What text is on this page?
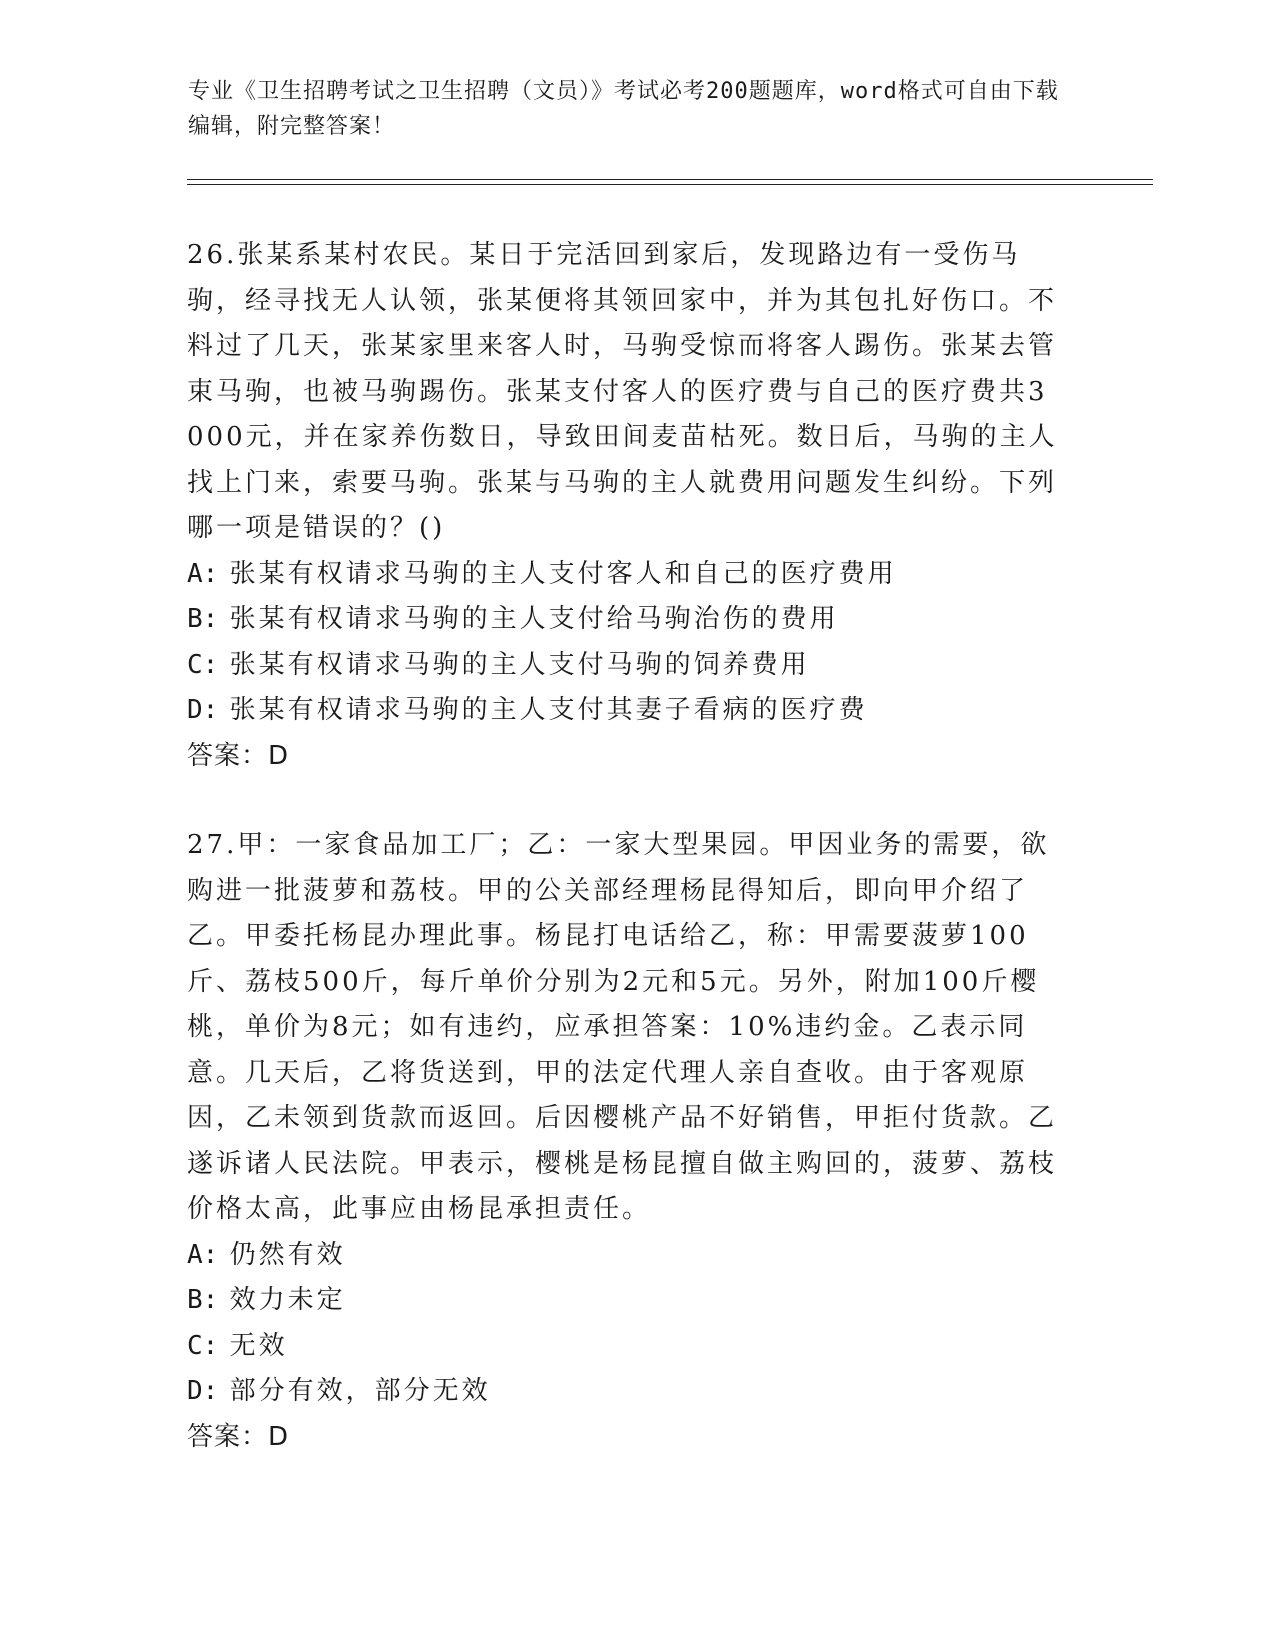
专业《卫生招聘考试之卫生招聘（文员）》考试必考200题题库，word格式可自由下载编辑，附完整答案！

26.张某系某村农民。某日于完活回到家后，发现路边有一受伤马驹，经寻找无人认领，张某便将其领回家中，并为其包扎好伤口。不料过了几天，张某家里来客人时，马驹受惊而将客人踢伤。张某去管束马驹，也被马驹踢伤。张某支付客人的医疗费与自己的医疗费共3000元，并在家养伤数日，导致田间麦苗枯死。数日后，马驹的主人找上门来，索要马驹。张某与马驹的主人就费用问题发生纠纷。下列哪一项是错误的？()

A: 张某有权请求马驹的主人支付客人和自己的医疗费用

B: 张某有权请求马驹的主人支付给马驹治伤的费用

C: 张某有权请求马驹的主人支付马驹的饲养费用

D: 张某有权请求马驹的主人支付其妻子看病的医疗费

答案：D

27.甲：一家食品加工厂；乙：一家大型果园。甲因业务的需要，欲购进一批菠萝和荔枝。甲的公关部经理杨昆得知后，即向甲介绍了乙。甲委托杨昆办理此事。杨昆打电话给乙，称：甲需要菠萝100斤、荔枝500斤，每斤单价分别为2元和5元。另外，附加100斤樱桃，单价为8元；如有违约，应承担答案：10%违约金。乙表示同意。几天后，乙将货送到，甲的法定代理人亲自查收。由于客观原因，乙未领到货款而返回。后因樱桃产品不好销售，甲拒付货款。乙遂诉诸人民法院。甲表示，樱桃是杨昆擅自做主购回的，菠萝、荔枝价格太高，此事应由杨昆承担责任。

A: 仍然有效

B: 效力未定

C: 无效

D: 部分有效，部分无效

答案：D
